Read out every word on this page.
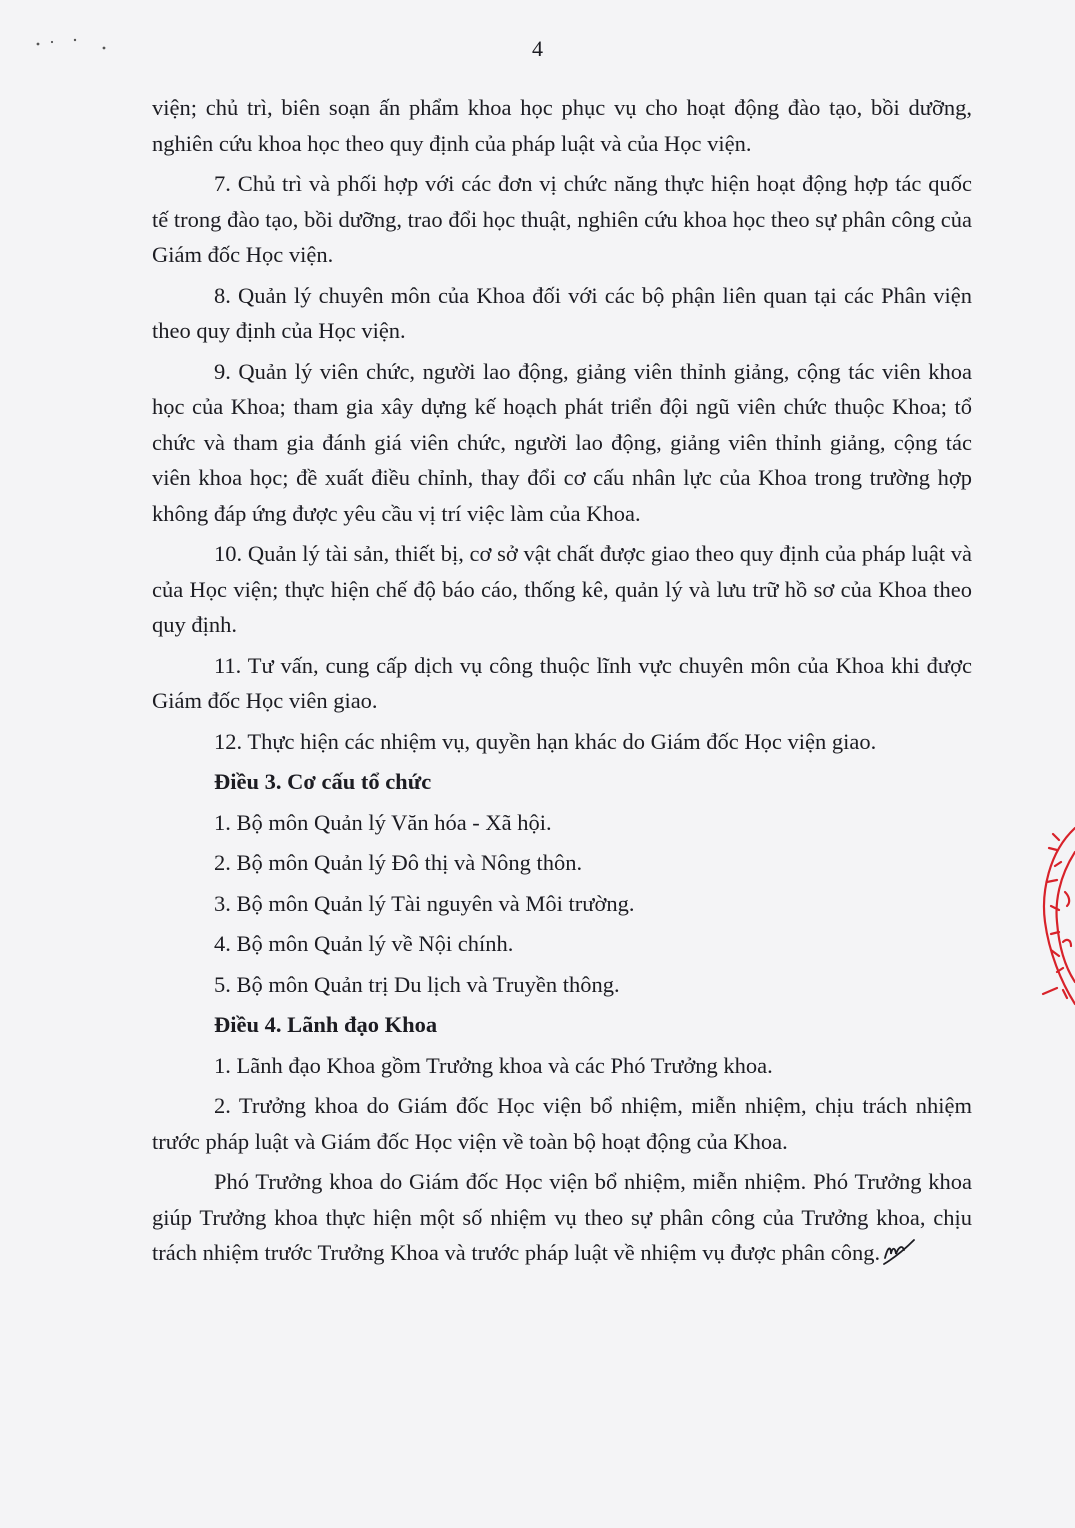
4

viện; chủ trì, biên soạn ấn phẩm khoa học phục vụ cho hoạt động đào tạo, bồi dưỡng, nghiên cứu khoa học theo quy định của pháp luật và của Học viện.

7. Chủ trì và phối hợp với các đơn vị chức năng thực hiện hoạt động hợp tác quốc tế trong đào tạo, bồi dưỡng, trao đổi học thuật, nghiên cứu khoa học theo sự phân công của Giám đốc Học viện.

8. Quản lý chuyên môn của Khoa đối với các bộ phận liên quan tại các Phân viện theo quy định của Học viện.

9. Quản lý viên chức, người lao động, giảng viên thỉnh giảng, cộng tác viên khoa học của Khoa; tham gia xây dựng kế hoạch phát triển đội ngũ viên chức thuộc Khoa; tổ chức và tham gia đánh giá viên chức, người lao động, giảng viên thỉnh giảng, cộng tác viên khoa học; đề xuất điều chỉnh, thay đổi cơ cấu nhân lực của Khoa trong trường hợp không đáp ứng được yêu cầu vị trí việc làm của Khoa.

10. Quản lý tài sản, thiết bị, cơ sở vật chất được giao theo quy định của pháp luật và của Học viện; thực hiện chế độ báo cáo, thống kê, quản lý và lưu trữ hồ sơ của Khoa theo quy định.

11. Tư vấn, cung cấp dịch vụ công thuộc lĩnh vực chuyên môn của Khoa khi được Giám đốc Học viên giao.

12. Thực hiện các nhiệm vụ, quyền hạn khác do Giám đốc Học viện giao.

Điều 3. Cơ cấu tổ chức

1. Bộ môn Quản lý Văn hóa - Xã hội.

2. Bộ môn Quản lý Đô thị và Nông thôn.

3. Bộ môn Quản lý Tài nguyên và Môi trường.

4. Bộ môn Quản lý về Nội chính.

5. Bộ môn Quản trị Du lịch và Truyền thông.

Điều 4. Lãnh đạo Khoa

1. Lãnh đạo Khoa gồm Trưởng khoa và các Phó Trưởng khoa.

2. Trưởng khoa do Giám đốc Học viện bổ nhiệm, miễn nhiệm, chịu trách nhiệm trước pháp luật và Giám đốc Học viện về toàn bộ hoạt động của Khoa.

Phó Trưởng khoa do Giám đốc Học viện bổ nhiệm, miễn nhiệm. Phó Trưởng khoa giúp Trưởng khoa thực hiện một số nhiệm vụ theo sự phân công của Trưởng khoa, chịu trách nhiệm trước Trưởng Khoa và trước pháp luật về nhiệm vụ được phân công.
